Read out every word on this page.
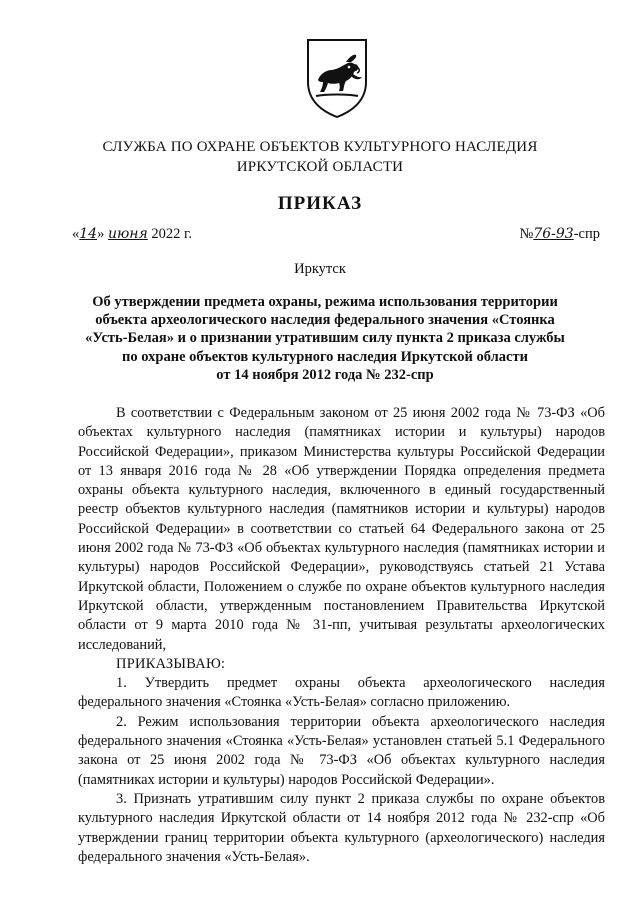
СЛУЖБА ПО ОХРАНЕ ОБЪЕКТОВ КУЛЬТУРНОГО НАСЛЕДИЯ
ИРКУТСКОЙ ОБЛАСТИ
ПРИКАЗ
«14» июня 2022 г.	№76-93-спр
Иркутск
Об утверждении предмета охраны, режима использования территории
объекта археологического наследия федерального значения «Стоянка
«Усть-Белая» и о признании утратившим силу пункта 2 приказа службы
по охране объектов культурного наследия Иркутской области
от 14 ноября 2012 года № 232-спр

В соответствии с Федеральным законом от 25 июня 2002 года № 73-ФЗ «Об объектах культурного наследия (памятниках истории и культуры) народов Российской Федерации», приказом Министерства культуры Российской Федерации от 13 января 2016 года № 28 «Об утверждении Порядка определения предмета охраны объекта культурного наследия, включенного в единый государственный реестр объектов культурного наследия (памятников истории и культуры) народов Российской Федерации» в соответствии со статьей 64 Федерального закона от 25 июня 2002 года № 73-ФЗ «Об объектах культурного наследия (памятниках истории и культуры) народов Российской Федерации», руководствуясь статьей 21 Устава Иркутской области, Положением о службе по охране объектов культурного наследия Иркутской области, утвержденным постановлением Правительства Иркутской области от 9 марта 2010 года № 31-пп, учитывая результаты археологических исследований,

ПРИКАЗЫВАЮ:

1. Утвердить предмет охраны объекта археологического наследия федерального значения «Стоянка «Усть-Белая» согласно приложению.

2. Режим использования территории объекта археологического наследия федерального значения «Стоянка «Усть-Белая» установлен статьей 5.1 Федерального закона от 25 июня 2002 года № 73-ФЗ «Об объектах культурного наследия (памятниках истории и культуры) народов Российской Федерации».

3. Признать утратившим силу пункт 2 приказа службы по охране объектов культурного наследия Иркутской области от 14 ноября 2012 года № 232-спр «Об утверждении границ территории объекта культурного (археологического) наследия федерального значения «Усть-Белая».
